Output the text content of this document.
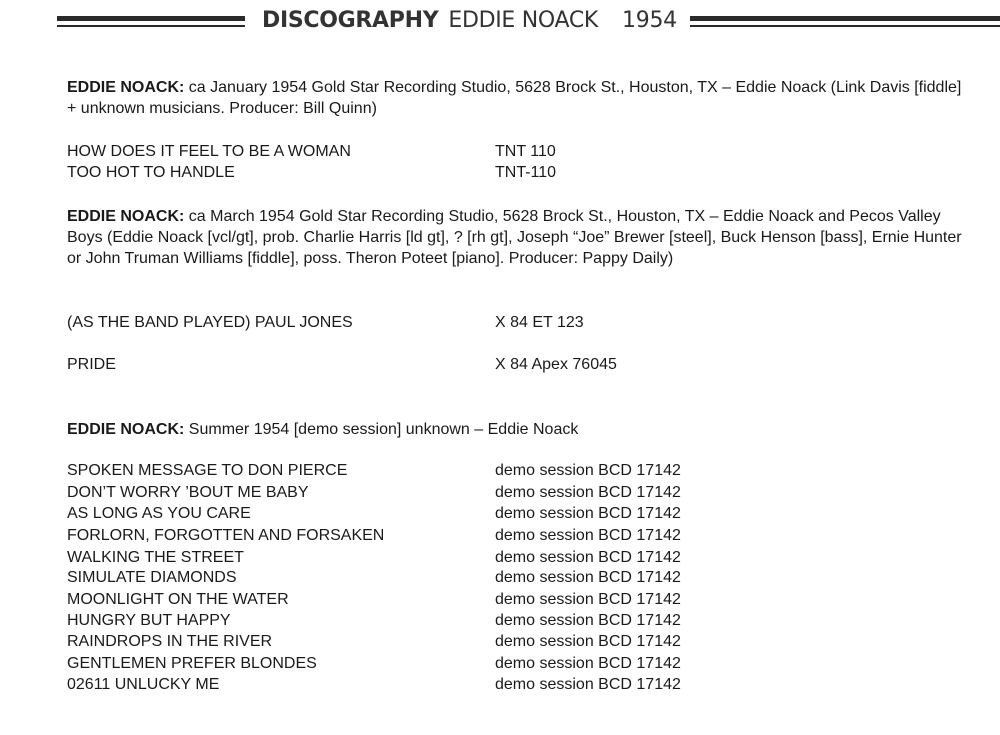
DISCOGRAPHY EDDIE NOACK 1954
EDDIE NOACK: ca January 1954 Gold Star Recording Studio, 5628 Brock St., Houston, TX – Eddie Noack (Link Davis [fiddle] + unknown musicians. Producer: Bill Quinn)
HOW DOES IT FEEL TO BE A WOMAN	TNT 110
TOO HOT TO HANDLE	TNT-110
EDDIE NOACK: ca March 1954 Gold Star Recording Studio, 5628 Brock St., Houston, TX – Eddie Noack and Pecos Valley Boys (Eddie Noack [vcl/gt], prob. Charlie Harris [ld gt], ? [rh gt], Joseph “Joe” Brewer [steel], Buck Henson [bass], Ernie Hunter or John Truman Williams [fiddle], poss. Theron Poteet [piano]. Producer: Pappy Daily)
(AS THE BAND PLAYED) PAUL JONES	X 84 ET 123
PRIDE	X 84 Apex 76045
EDDIE NOACK: Summer 1954 [demo session] unknown – Eddie Noack
SPOKEN MESSAGE TO DON PIERCE	demo session BCD 17142
DON’T WORRY ’BOUT ME BABY	demo session BCD 17142
AS LONG AS YOU CARE	demo session BCD 17142
FORLORN, FORGOTTEN AND FORSAKEN	demo session BCD 17142
WALKING THE STREET	demo session BCD 17142
SIMULATE DIAMONDS	demo session BCD 17142
MOONLIGHT ON THE WATER	demo session BCD 17142
HUNGRY BUT HAPPY	demo session BCD 17142
RAINDROPS IN THE RIVER	demo session BCD 17142
GENTLEMEN PREFER BLONDES	demo session BCD 17142
02611 UNLUCKY ME	demo session BCD 17142
